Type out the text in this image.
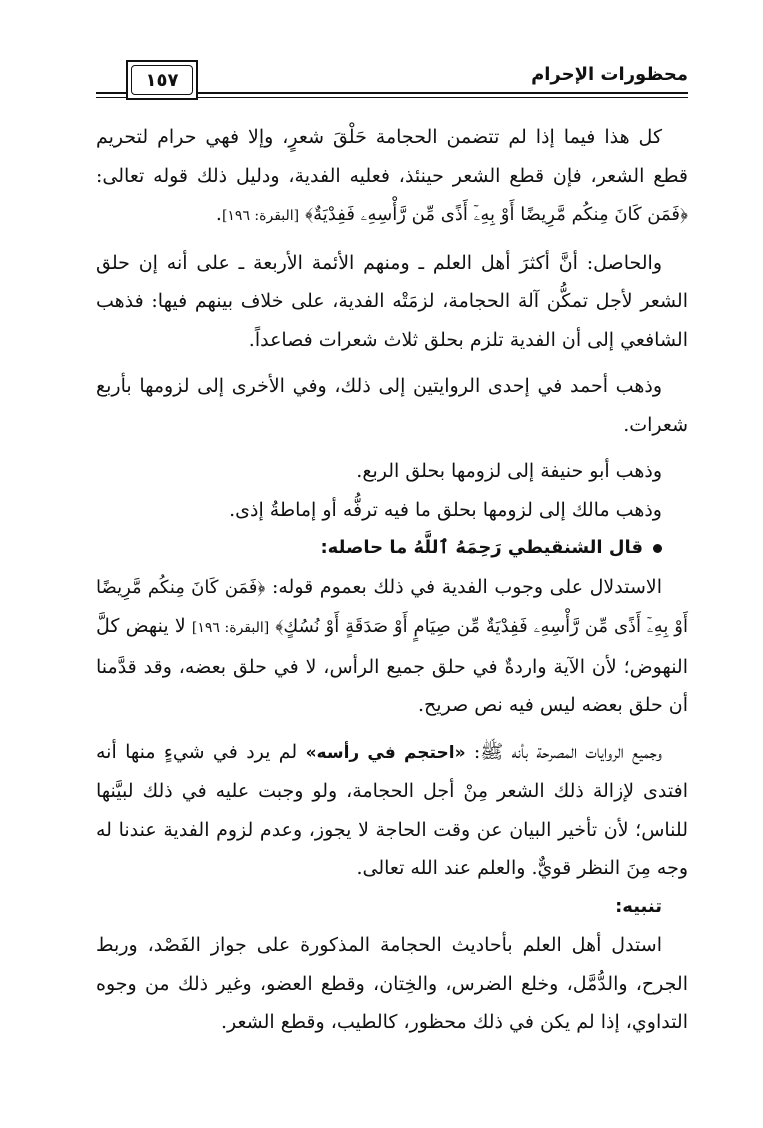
محظورات الإحرام
١٥٧

كل هذا فيما إذا لم تتضمن الحجامة حَلْقَ شعرٍ، وإلا فهي حرام لتحريم قطع الشعر، فإن قطع الشعر حينئذ، فعليه الفدية، ودليل ذلك قوله تعالى: ﴿فَمَن كَانَ مِنكُم مَّرِيضًا أَوْ بِهِۦٓ أَذًى مِّن رَّأْسِهِۦ فَفِدْيَةٌ﴾ [البقرة: ١٩٦].

والحاصل: أنَّ أكثرَ أهل العلم ـ ومنهم الأئمة الأربعة ـ على أنه إن حلق الشعر لأجل تمكُّن آلة الحجامة، لزمَتْه الفدية، على خلاف بينهم فيها: فذهب الشافعي إلى أن الفدية تلزم بحلق ثلاث شعرات فصاعداً.

وذهب أحمد في إحدى الروايتين إلى ذلك، وفي الأخرى إلى لزومها بأربع شعرات.

وذهب أبو حنيفة إلى لزومها بحلق الربع.

وذهب مالك إلى لزومها بحلق ما فيه ترفُّه أو إماطةُ إذى.

قال الشنقيطي رَحِمَهُ ٱللَّهُ ما حاصله:

الاستدلال على وجوب الفدية في ذلك بعموم قوله: ﴿فَمَن كَانَ مِنكُم مَّرِيضًا أَوْ بِهِۦٓ أَذًى مِّن رَّأْسِهِۦ فَفِدْيَةٌ مِّن صِيَامٍ أَوْ صَدَقَةٍ أَوْ نُسُكٍ﴾ [البقرة: ١٩٦] لا ينهض كلَّ النهوض؛ لأن الآية واردةٌ في حلق جميع الرأس، لا في حلق بعضه، وقد قدَّمنا أن حلق بعضه ليس فيه نص صريح.

وجميع الروايات المصرحة بأنه ﷺ: «احتجم في رأسه» لم يرد في شيءٍ منها أنه افتدى لإزالة ذلك الشعر مِنْ أجل الحجامة، ولو وجبت عليه في ذلك لبيَّنها للناس؛ لأن تأخير البيان عن وقت الحاجة لا يجوز، وعدم لزوم الفدية عندنا له وجه مِنَ النظر قويٌّ. والعلم عند الله تعالى.

تنبيه:

استدل أهل العلم بأحاديث الحجامة المذكورة على جواز الفَصْد، وربط الجرح، والدُّمَّل، وخلع الضرس، والخِتان، وقطع العضو، وغير ذلك من وجوه التداوي، إذا لم يكن في ذلك محظور، كالطيب، وقطع الشعر.
